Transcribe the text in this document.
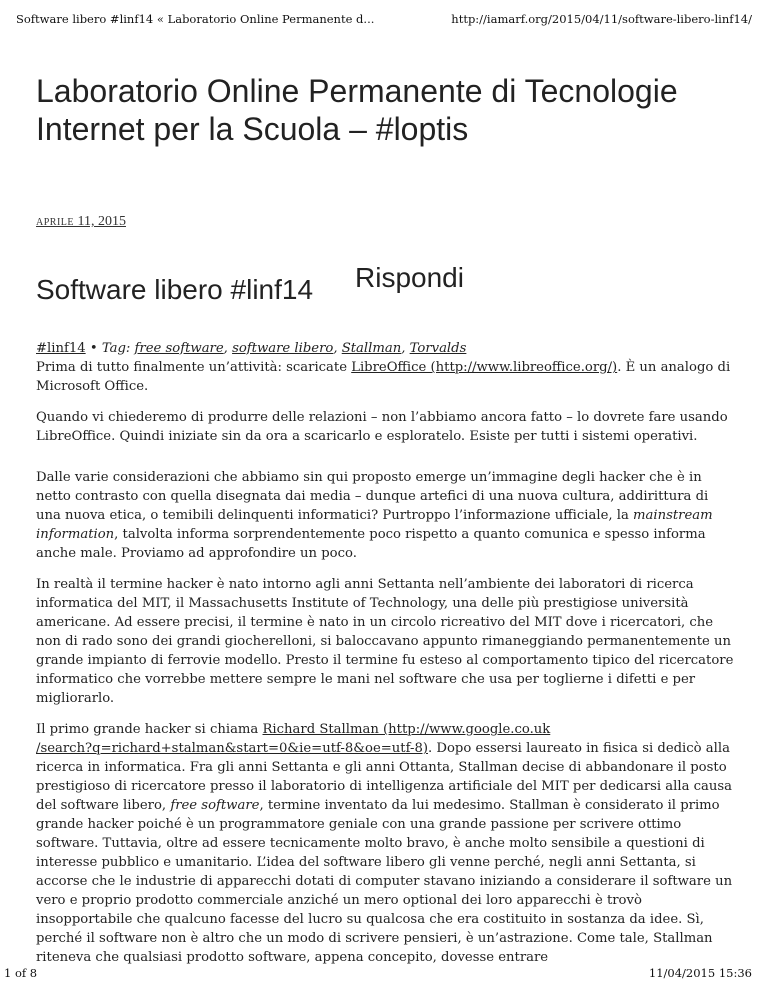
Software libero #linf14 « Laboratorio Online Permanente d...	http://iamarf.org/2015/04/11/software-libero-linf14/
Laboratorio Online Permanente di Tecnologie Internet per la Scuola – #loptis
aprile 11, 2015
Software libero #linf14 Rispondi

#linf14 • Tag: free software, software libero, Stallman, Torvalds

Prima di tutto finalmente un’attività: scaricate LibreOffice (http://www.libreoffice.org/). È un analogo di Microsoft Office.

Quando vi chiederemo di produrre delle relazioni – non l’abbiamo ancora fatto – lo dovrete fare usando LibreOffice. Quindi iniziate sin da ora a scaricarlo e esploratelo. Esiste per tutti i sistemi operativi.

Dalle varie considerazioni che abbiamo sin qui proposto emerge un’immagine degli hacker che è in netto contrasto con quella disegnata dai media – dunque artefici di una nuova cultura, addirittura di una nuova etica, o temibili delinquenti informatici? Purtroppo l’informazione ufficiale, la mainstream information, talvolta informa sorprendentemente poco rispetto a quanto comunica e spesso informa anche male. Proviamo ad approfondire un poco.

In realtà il termine hacker è nato intorno agli anni Settanta nell’ambiente dei laboratori di ricerca informatica del MIT, il Massachusetts Institute of Technology, una delle più prestigiose università americane. Ad essere precisi, il termine è nato in un circolo ricreativo del MIT dove i ricercatori, che non di rado sono dei grandi giocherelloni, si baloccavano appunto rimaneggiando permanentemente un grande impianto di ferrovie modello. Presto il termine fu esteso al comportamento tipico del ricercatore informatico che vorrebbe mettere sempre le mani nel software che usa per toglierne i difetti e per migliorarlo.

Il primo grande hacker si chiama Richard Stallman (http://www.google.co.uk
/search?q=richard+stalman&start=0&ie=utf-8&oe=utf-8). Dopo essersi laureato in fisica si dedicò alla ricerca in informatica. Fra gli anni Settanta e gli anni Ottanta, Stallman decise di abbandonare il posto prestigioso di ricercatore presso il laboratorio di intelligenza artificiale del MIT per dedicarsi alla causa del software libero, free software, termine inventato da lui medesimo. Stallman è considerato il primo grande hacker poiché è un programmatore geniale con una grande passione per scrivere ottimo software. Tuttavia, oltre ad essere tecnicamente molto bravo, è anche molto sensibile a questioni di interesse pubblico e umanitario. L’idea del software libero gli venne perché, negli anni Settanta, si accorse che le industrie di apparecchi dotati di computer stavano iniziando a considerare il software un vero e proprio prodotto commerciale anziché un mero optional dei loro apparecchi è trovò insopportabile che qualcuno facesse del lucro su qualcosa che era costituito in sostanza da idee. Sì, perché il software non è altro che un modo di scrivere pensieri, è un’astrazione. Come tale, Stallman riteneva che qualsiasi prodotto software, appena concepito, dovesse entrare

1 of 8	11/04/2015 15:36
